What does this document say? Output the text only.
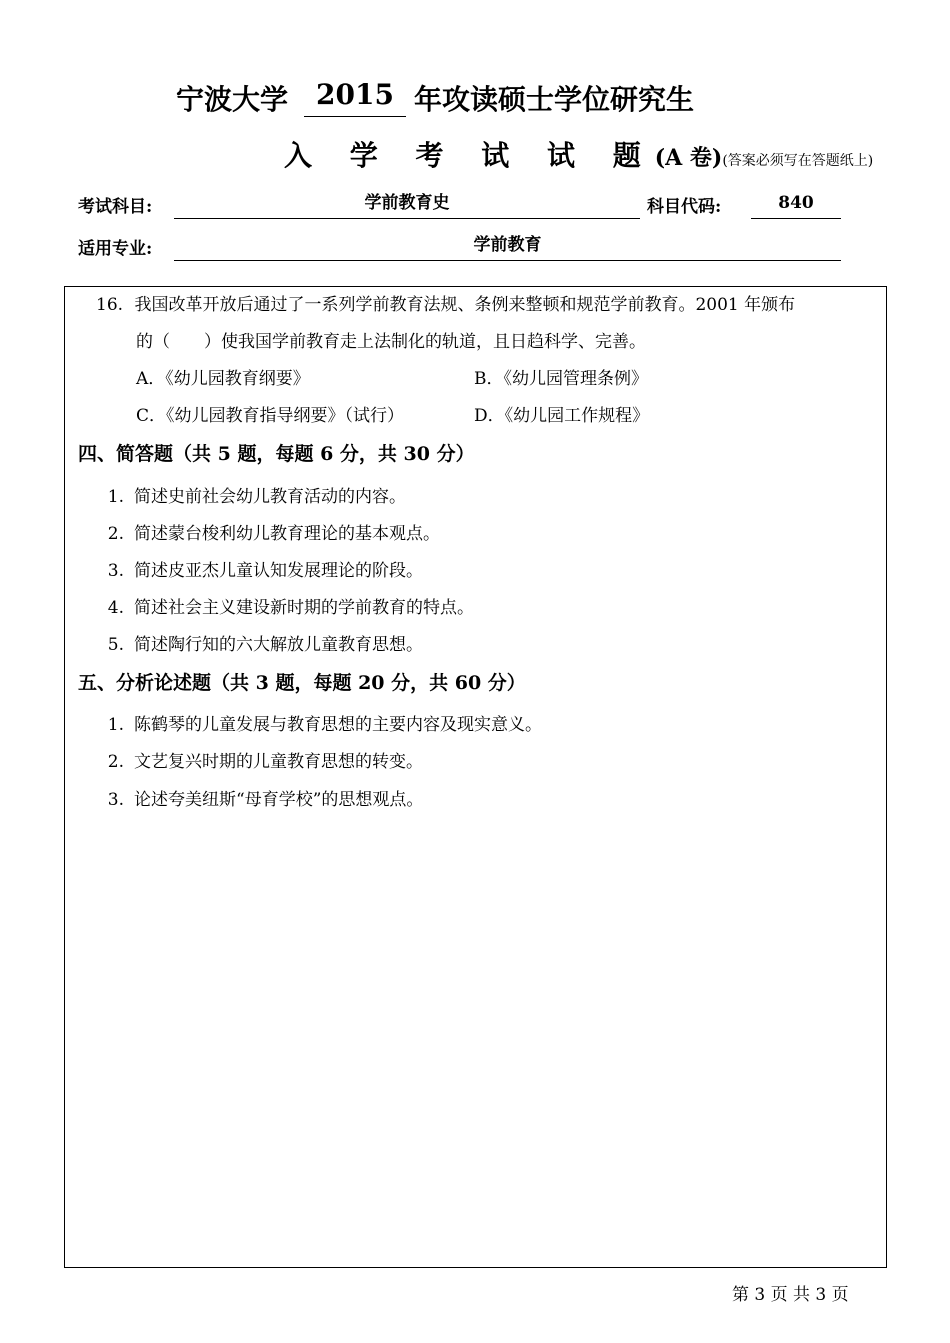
宁波大学	2015 年攻读硕士学位研究生
入 学 考 试 试 题(A 卷)(答案必须写在答题纸上)
考试科目:	学前教育史	科目代码:	840
适用专业:	学前教育
16. 我国改革开放后通过了一系列学前教育法规、条例来整顿和规范学前教育。2001 年颁布
的（　　）使我国学前教育走上法制化的轨道，且日趋科学、完善。
A．《幼儿园教育纲要》	B．《幼儿园管理条例》
C．《幼儿园教育指导纲要》（试行）	D．《幼儿园工作规程》
四、简答题（共 5 题，每题 6 分，共 30 分）
1. 简述史前社会幼儿教育活动的内容。
2. 简述蒙台梭利幼儿教育理论的基本观点。
3. 简述皮亚杰儿童认知发展理论的阶段。
4. 简述社会主义建设新时期的学前教育的特点。
5. 简述陶行知的六大解放儿童教育思想。
五、分析论述题（共 3 题，每题 20 分，共 60 分）
1. 陈鹤琴的儿童发展与教育思想的主要内容及现实意义。
2. 文艺复兴时期的儿童教育思想的转变。
3. 论述夸美纽斯“母育学校”的思想观点。
第 3 页 共 3 页
